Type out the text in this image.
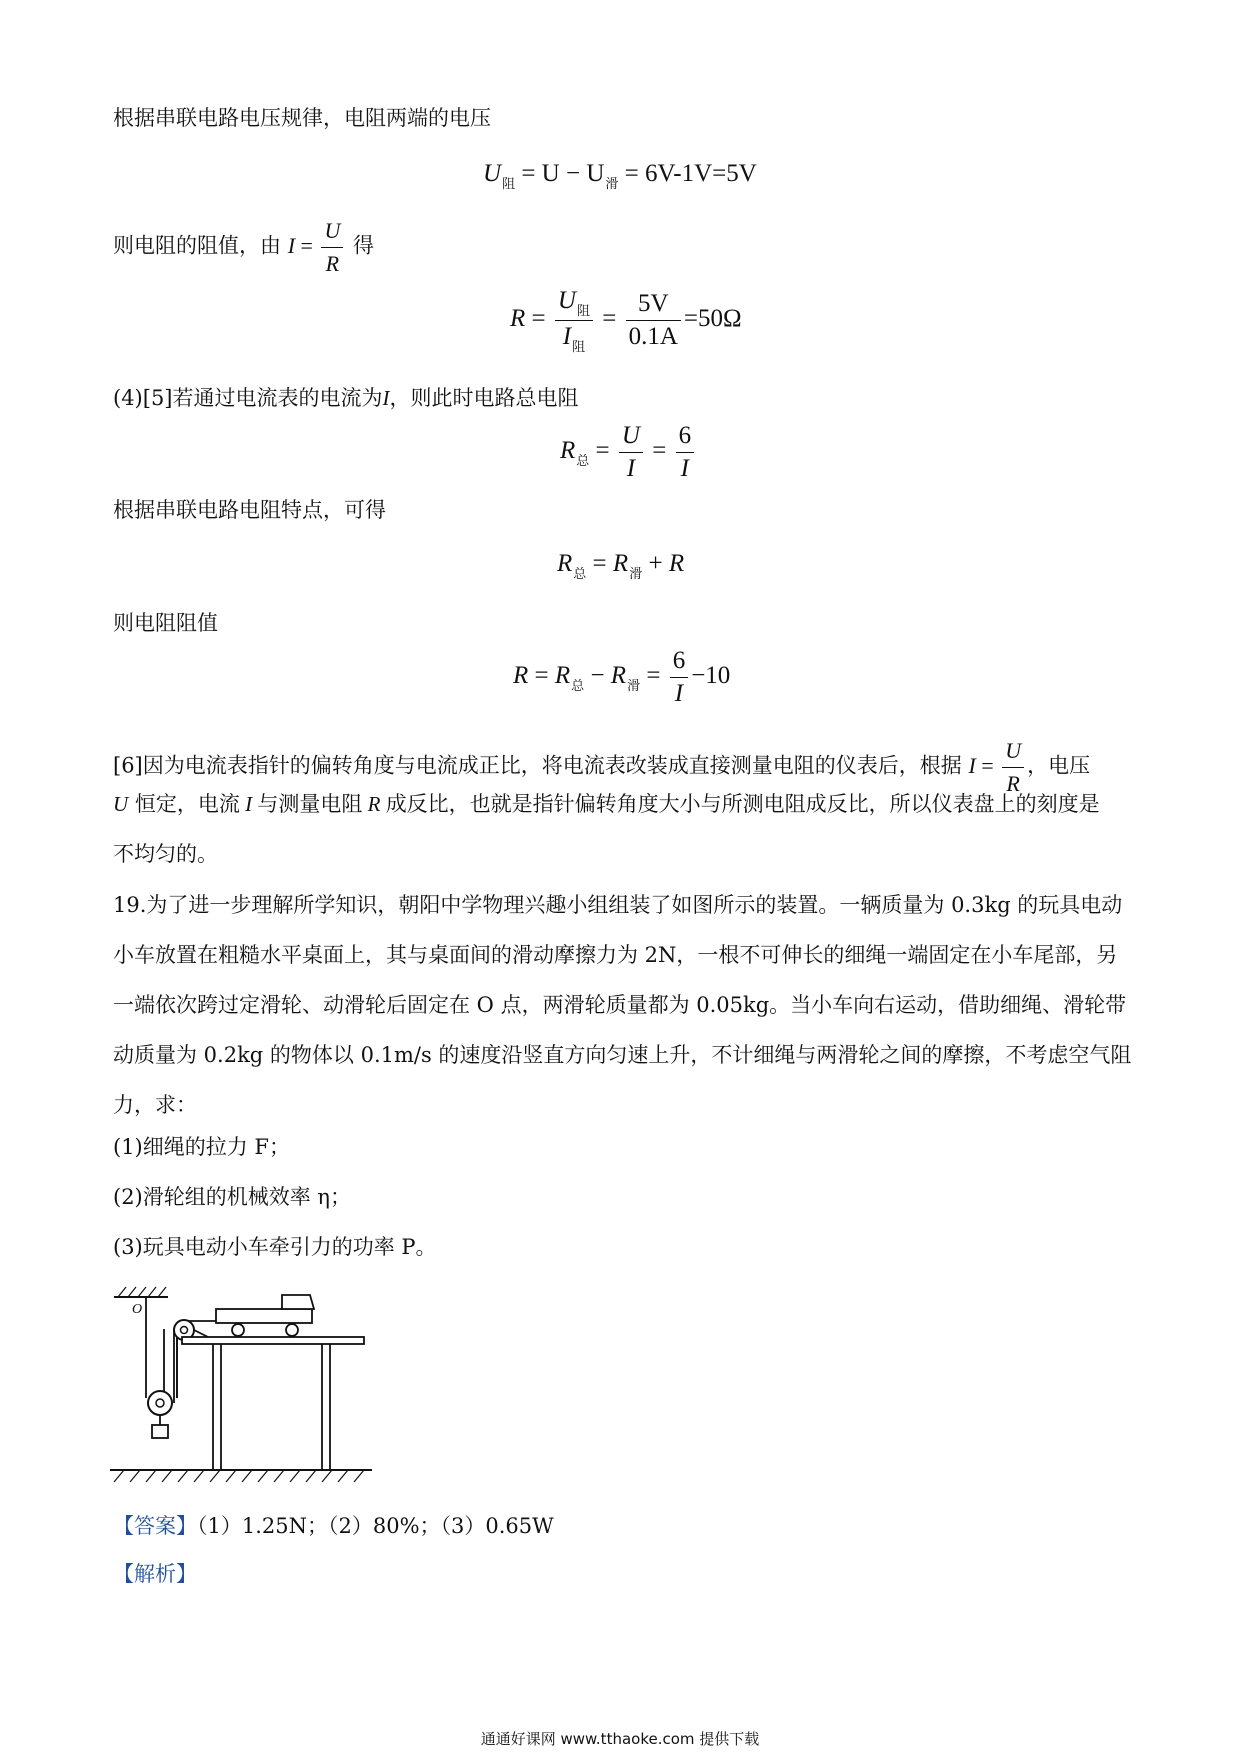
根据串联电路电压规律，电阻两端的电压
$U_阻 = U - U_滑 = 6V-1V=5V$
则电阻的阻值，由 $I = \frac{U}{R}$ 得
$R = \frac{U_阻}{I_阻} = \frac{5V}{0.1A} =50\Omega$
(4)[5]若通过电流表的电流为I，则此时电路总电阻
$R_总 = \frac{U}{I} = \frac{6}{I}$
根据串联电路电阻特点，可得
$R_总 = R_滑 + R$
则电阻阻值
$R = R_总 - R_滑 = \frac{6}{I} -10$
[6]因为电流表指针的偏转角度与电流成正比，将电流表改装成直接测量电阻的仪表后，根据 $I = \frac{U}{R}$ ，电压
U 恒定，电流 I 与测量电阻 R 成反比，也就是指针偏转角度大小与所测电阻成反比，所以仪表盘上的刻度是
不均匀的。
19.为了进一步理解所学知识，朝阳中学物理兴趣小组组装了如图所示的装置。一辆质量为 0.3kg 的玩具电动小车放置在粗糙水平桌面上，其与桌面间的滑动摩擦力为 2N，一根不可伸长的细绳一端固定在小车尾部，另一端依次跨过定滑轮、动滑轮后固定在 O 点，两滑轮质量都为 0.05kg。当小车向右运动，借助细绳、滑轮带动质量为 0.2kg 的物体以 0.1m/s 的速度沿竖直方向匀速上升，不计细绳与两滑轮之间的摩擦，不考虑空气阻力，求：
(1)细绳的拉力 F；
(2)滑轮组的机械效率 η；
(3)玩具电动小车牵引力的功率 P。
O
【答案】（1）1.25N；（2）80%；（3）0.65W
【解析】
通通好课网 www.tthaoke.com 提供下载
